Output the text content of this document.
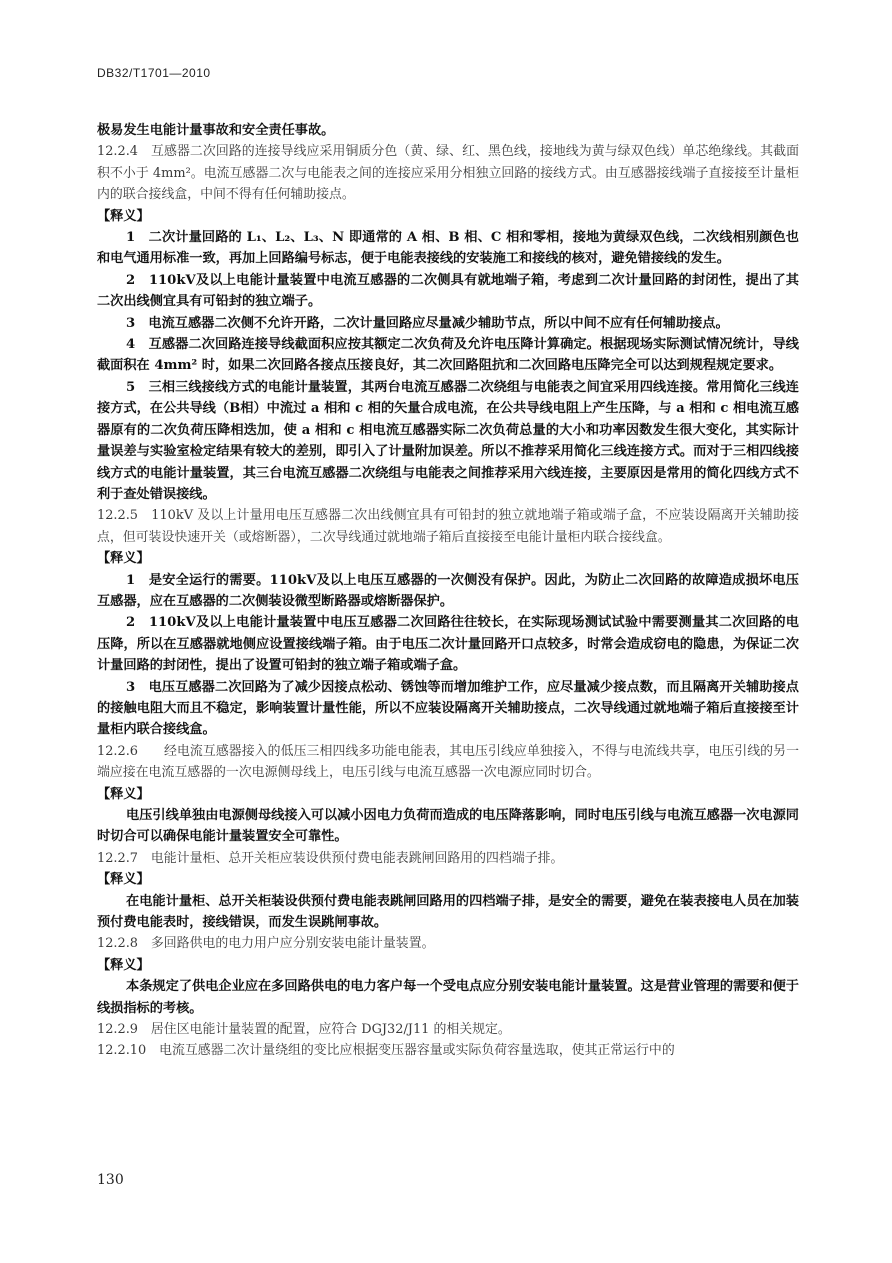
DB32/T1701—2010

极易发生电能计量事故和安全责任事故。

12.2.4　互感器二次回路的连接导线应采用铜质分色（黄、绿、红、黑色线，接地线为黄与绿双色线）单芯绝缘线。其截面积不小于 4mm²。电流互感器二次与电能表之间的连接应采用分相独立回路的接线方式。由互感器接线端子直接接至计量柜内的联合接线盒，中间不得有任何辅助接点。

【释义】

1　二次计量回路的 L₁、L₂、L₃、N 即通常的 A 相、B 相、C 相和零相，接地为黄绿双色线，二次线相别颜色也和电气通用标准一致，再加上回路编号标志，便于电能表接线的安装施工和接线的核对，避免错接线的发生。

2　110kV及以上电能计量装置中电流互感器的二次侧具有就地端子箱，考虑到二次计量回路的封闭性，提出了其二次出线侧宜具有可铅封的独立端子。

3　电流互感器二次侧不允许开路，二次计量回路应尽量减少辅助节点，所以中间不应有任何辅助接点。

4　互感器二次回路连接导线截面积应按其额定二次负荷及允许电压降计算确定。根据现场实际测试情况统计，导线截面积在 4mm² 时，如果二次回路各接点压接良好，其二次回路阻抗和二次回路电压降完全可以达到规程规定要求。

5　三相三线接线方式的电能计量装置，其两台电流互感器二次绕组与电能表之间宜采用四线连接。常用简化三线连接方式，在公共导线（B相）中流过 a 相和 c 相的矢量合成电流，在公共导线电阻上产生压降，与 a 相和 c 相电流互感器原有的二次负荷压降相迭加，使 a 相和 c 相电流互感器实际二次负荷总量的大小和功率因数发生很大变化，其实际计量误差与实验室检定结果有较大的差别，即引入了计量附加误差。所以不推荐采用简化三线连接方式。而对于三相四线接线方式的电能计量装置，其三台电流互感器二次绕组与电能表之间推荐采用六线连接，主要原因是常用的简化四线方式不利于查处错误接线。

12.2.5　110kV 及以上计量用电压互感器二次出线侧宜具有可铅封的独立就地端子箱或端子盒，不应装设隔离开关辅助接点，但可装设快速开关（或熔断器），二次导线通过就地端子箱后直接接至电能计量柜内联合接线盒。

【释义】

1　是安全运行的需要。110kV及以上电压互感器的一次侧没有保护。因此，为防止二次回路的故障造成损坏电压互感器，应在互感器的二次侧装设微型断路器或熔断器保护。

2　110kV及以上电能计量装置中电压互感器二次回路往往较长，在实际现场测试试验中需要测量其二次回路的电压降，所以在互感器就地侧应设置接线端子箱。由于电压二次计量回路开口点较多，时常会造成窃电的隐患，为保证二次计量回路的封闭性，提出了设置可铅封的独立端子箱或端子盒。

3　电压互感器二次回路为了减少因接点松动、锈蚀等而增加维护工作，应尽量减少接点数，而且隔离开关辅助接点的接触电阻大而且不稳定，影响装置计量性能，所以不应装设隔离开关辅助接点，二次导线通过就地端子箱后直接接至计量柜内联合接线盒。

12.2.6　　经电流互感器接入的低压三相四线多功能电能表，其电压引线应单独接入，不得与电流线共享，电压引线的另一端应接在电流互感器的一次电源侧母线上，电压引线与电流互感器一次电源应同时切合。

【释义】

电压引线单独由电源侧母线接入可以减小因电力负荷而造成的电压降落影响，同时电压引线与电流互感器一次电源同时切合可以确保电能计量装置安全可靠性。

12.2.7　电能计量柜、总开关柜应装设供预付费电能表跳闸回路用的四档端子排。

【释义】

在电能计量柜、总开关柜装设供预付费电能表跳闸回路用的四档端子排，是安全的需要，避免在装表接电人员在加装预付费电能表时，接线错误，而发生误跳闸事故。

12.2.8　多回路供电的电力用户应分别安装电能计量装置。

【释义】

本条规定了供电企业应在多回路供电的电力客户每一个受电点应分别安装电能计量装置。这是营业管理的需要和便于线损指标的考核。

12.2.9　居住区电能计量装置的配置，应符合 DGJ32/J11 的相关规定。

12.2.10　电流互感器二次计量绕组的变比应根据变压器容量或实际负荷容量选取，使其正常运行中的

130
